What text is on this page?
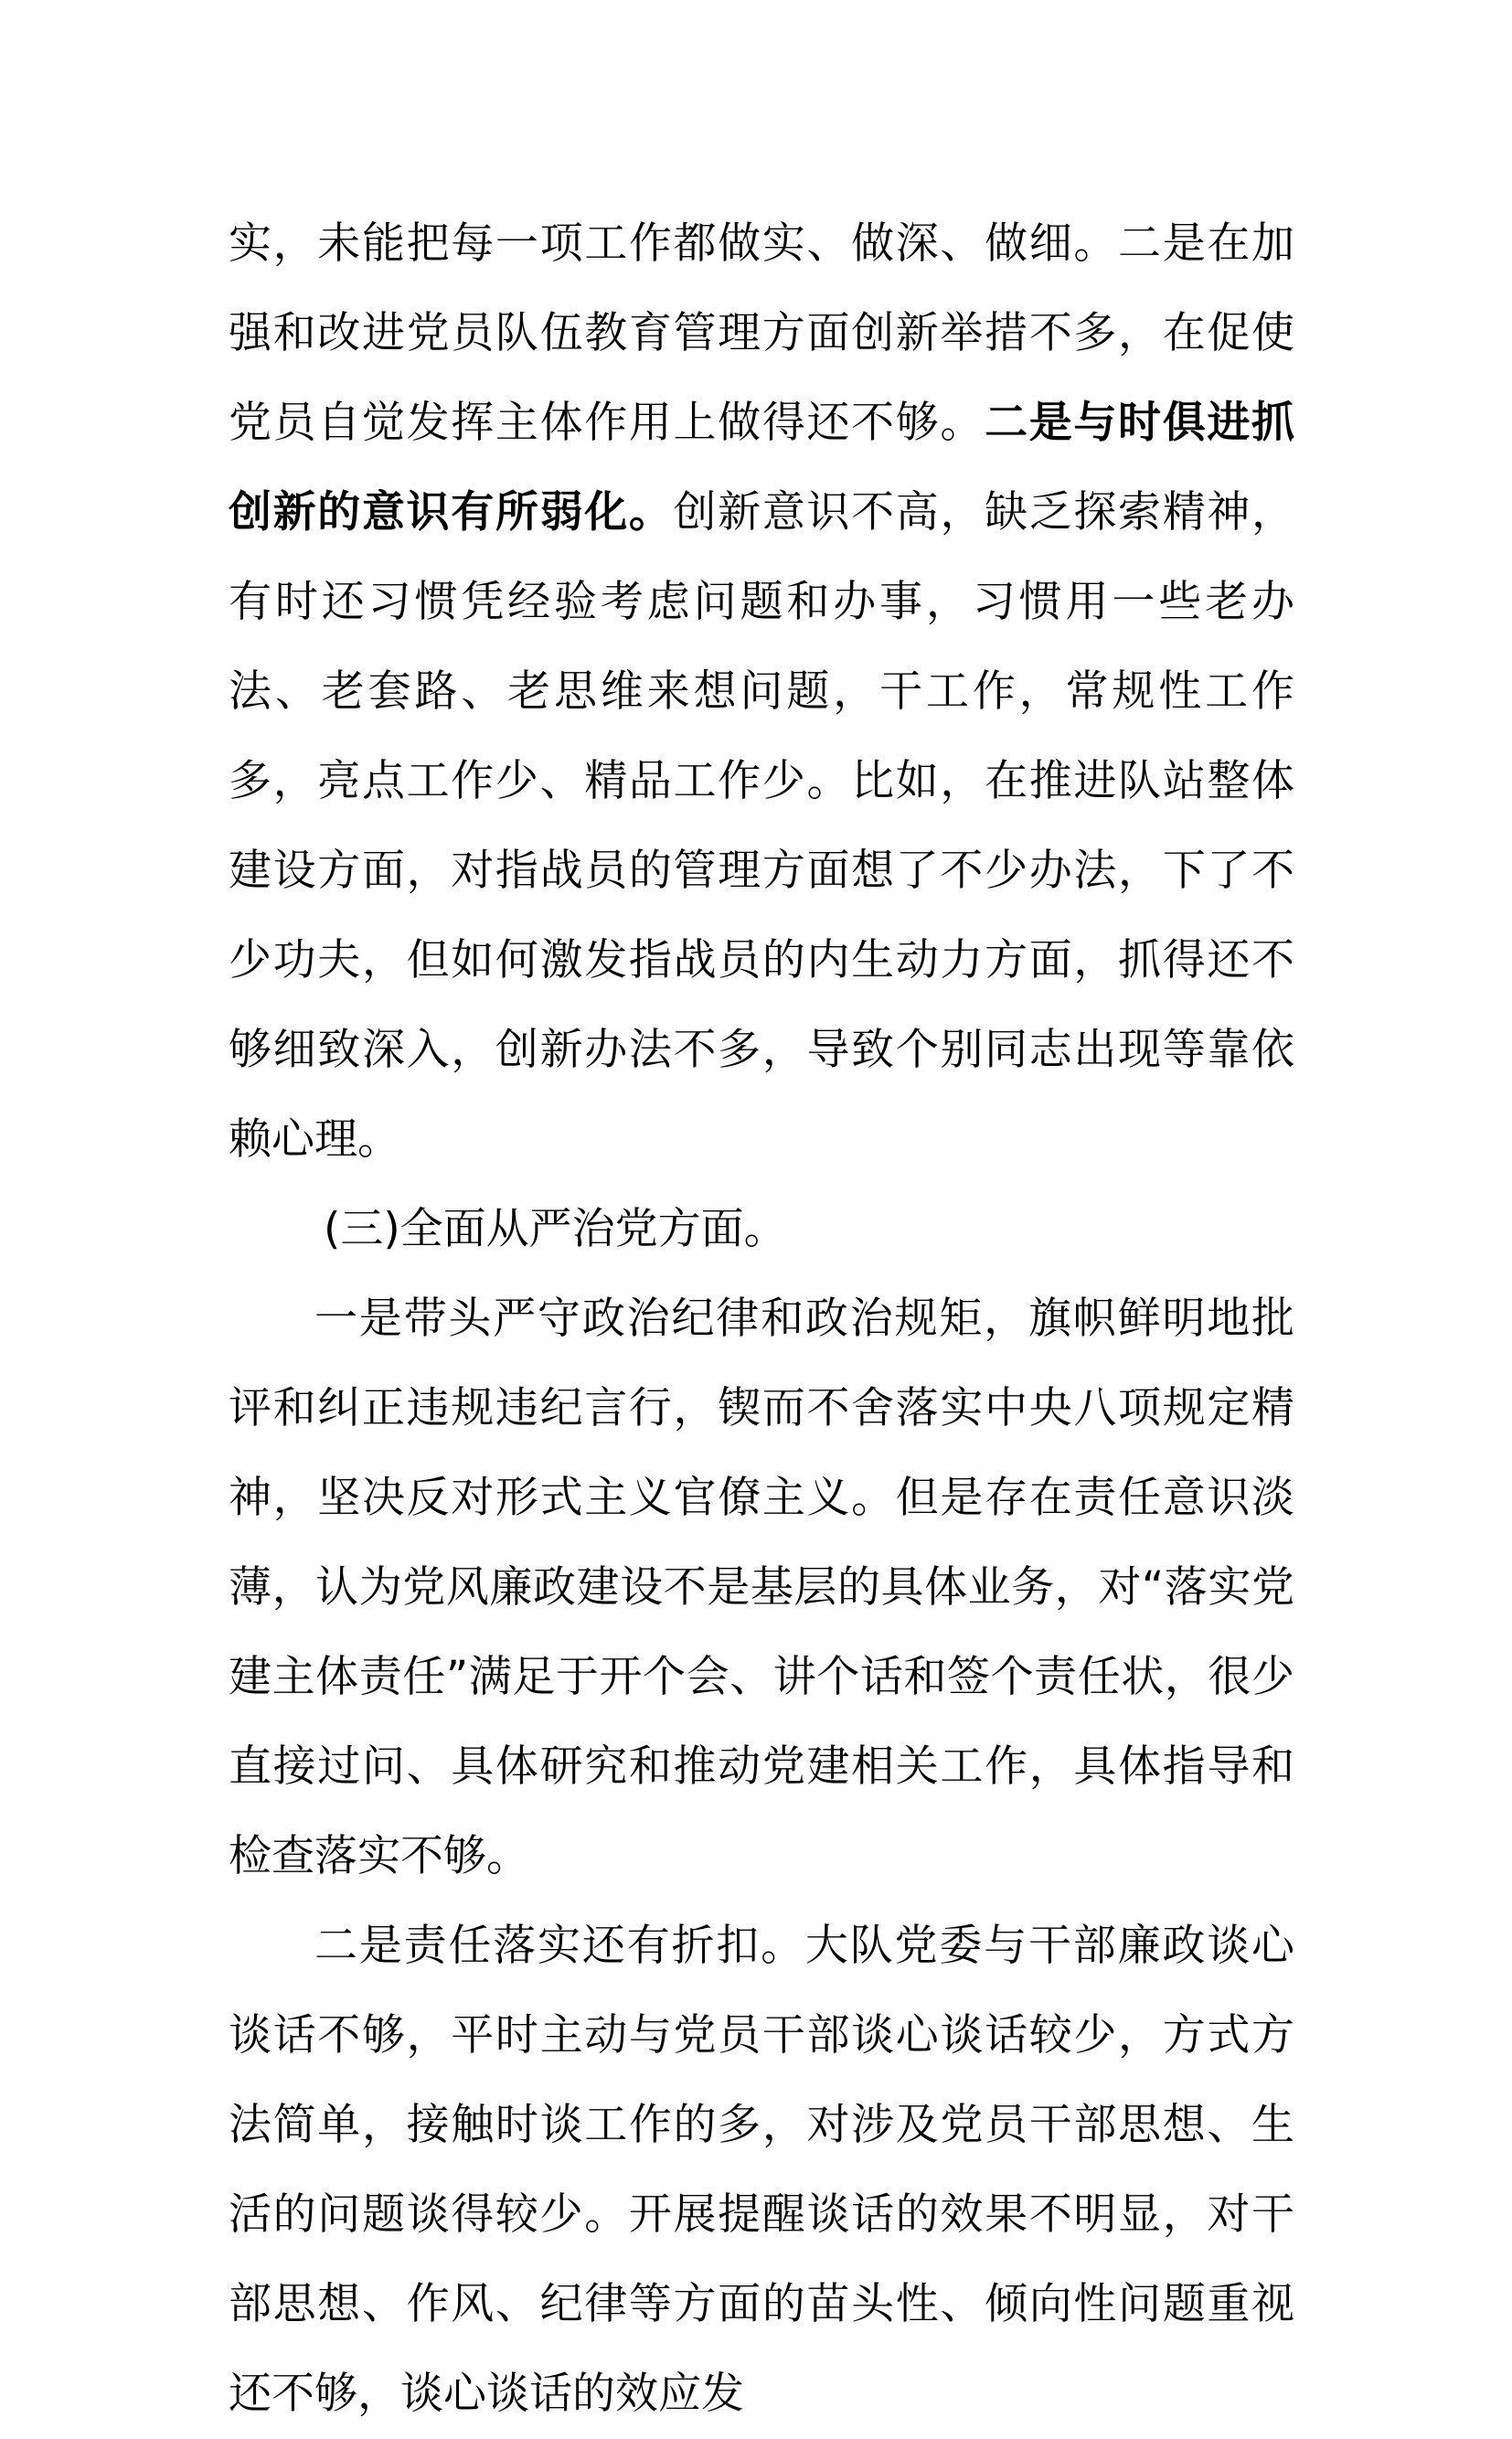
实，未能把每一项工作都做实、做深、做细。二是在加强和改进党员队伍教育管理方面创新举措不多，在促使党员自觉发挥主体作用上做得还不够。二是与时俱进抓创新的意识有所弱化。创新意识不高，缺乏探索精神，有时还习惯凭经验考虑问题和办事，习惯用一些老办法、老套路、老思维来想问题，干工作，常规性工作多，亮点工作少、精品工作少。比如，在推进队站整体建设方面，对指战员的管理方面想了不少办法，下了不少功夫，但如何激发指战员的内生动力方面，抓得还不够细致深入，创新办法不多，导致个别同志出现等靠依赖心理。

(三)全面从严治党方面。

一是带头严守政治纪律和政治规矩，旗帜鲜明地批评和纠正违规违纪言行，锲而不舍落实中央八项规定精神，坚决反对形式主义官僚主义。但是存在责任意识淡薄，认为党风廉政建设不是基层的具体业务，对“落实党建主体责任”满足于开个会、讲个话和签个责任状，很少直接过问、具体研究和推动党建相关工作，具体指导和检查落实不够。

二是责任落实还有折扣。大队党委与干部廉政谈心谈话不够，平时主动与党员干部谈心谈话较少，方式方法简单，接触时谈工作的多，对涉及党员干部思想、生活的问题谈得较少。开展提醒谈话的效果不明显，对干部思想、作风、纪律等方面的苗头性、倾向性问题重视还不够，谈心谈话的效应发
